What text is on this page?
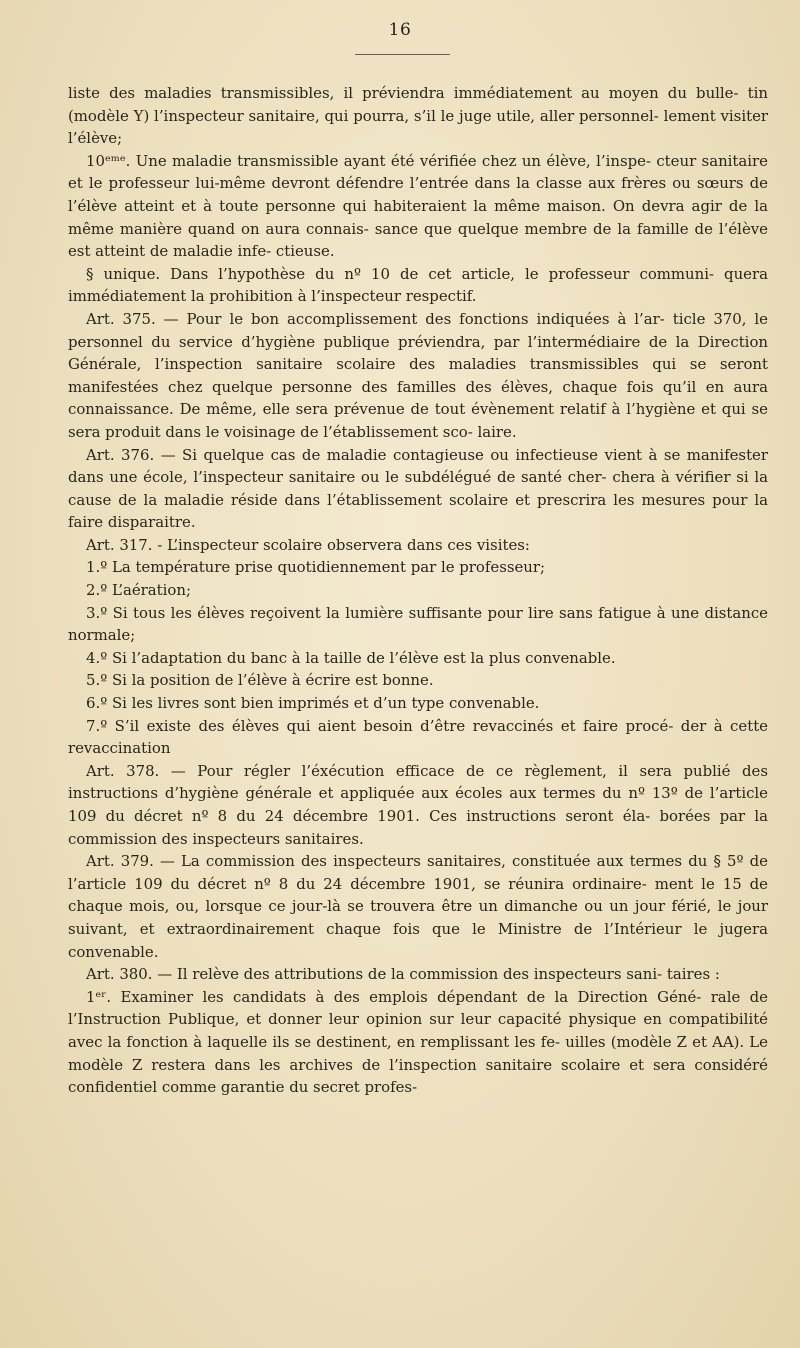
16

liste des maladies transmissibles, il préviendra immédiatement au moyen du bulle- tin (modèle Y) l’inspecteur sanitaire, qui pourra, s’il le juge utile, aller personnel- lement visiter l’élève;

10ᵉᵐᵉ. Une maladie transmissible ayant été vérifiée chez un élève, l’inspe- cteur sanitaire et le professeur lui-même devront défendre l’entrée dans la classe aux frères ou sœurs de l’élève atteint et à toute personne qui habiteraient la même maison. On devra agir de la même manière quand on aura connais- sance que quelque membre de la famille de l’élève est atteint de maladie infe- ctieuse.

§ unique. Dans l’hypothèse du nº 10 de cet article, le professeur communi- quera immédiatement la prohibition à l’inspecteur respectif.

Art. 375. — Pour le bon accomplissement des fonctions indiquées à l’ar- ticle 370, le personnel du service d’hygiène publique préviendra, par l’intermédiaire de la Direction Générale, l’inspection sanitaire scolaire des maladies transmissibles qui se seront manifestées chez quelque personne des familles des élèves, chaque fois qu’il en aura connaissance. De même, elle sera prévenue de tout évènement relatif à l’hygiène et qui se sera produit dans le voisinage de l’établissement sco- laire.

Art. 376. — Si quelque cas de maladie contagieuse ou infectieuse vient à se manifester dans une école, l’inspecteur sanitaire ou le subdélégué de santé cher- chera à vérifier si la cause de la maladie réside dans l’établissement scolaire et prescrira les mesures pour la faire disparaitre.

Art. 317. - L’inspecteur scolaire observera dans ces visites:

1.º La température prise quotidiennement par le professeur;

2.º L’aération;

3.º Si tous les élèves reçoivent la lumière suffisante pour lire sans fatigue à une distance normale;

4.º Si l’adaptation du banc à la taille de l’élève est la plus convenable.

5.º Si la position de l’élève à écrire est bonne.

6.º Si les livres sont bien imprimés et d’un type convenable.

7.º S’il existe des élèves qui aient besoin d’être revaccinés et faire procé- der à cette revaccination

Art. 378. — Pour régler l’éxécution efficace de ce règlement, il sera publié des instructions d’hygiène générale et appliquée aux écoles aux termes du nº 13º de l’article 109 du décret nº 8 du 24 décembre 1901. Ces instructions seront éla- borées par la commission des inspecteurs sanitaires.

Art. 379. — La commission des inspecteurs sanitaires, constituée aux termes du § 5º de l’article 109 du décret nº 8 du 24 décembre 1901, se réunira ordinaire- ment le 15 de chaque mois, ou, lorsque ce jour-là se trouvera être un dimanche ou un jour férié, le jour suivant, et extraordinairement chaque fois que le Ministre de l’Intérieur le jugera convenable.

Art. 380. — Il relève des attributions de la commission des inspecteurs sani- taires :

1ᵉʳ. Examiner les candidats à des emplois dépendant de la Direction Géné- rale de l’Instruction Publique, et donner leur opinion sur leur capacité physique en compatibilité avec la fonction à laquelle ils se destinent, en remplissant les fe- uilles (modèle Z et AA). Le modèle Z restera dans les archives de l’inspection sanitaire scolaire et sera considéré confidentiel comme garantie du secret profes-
